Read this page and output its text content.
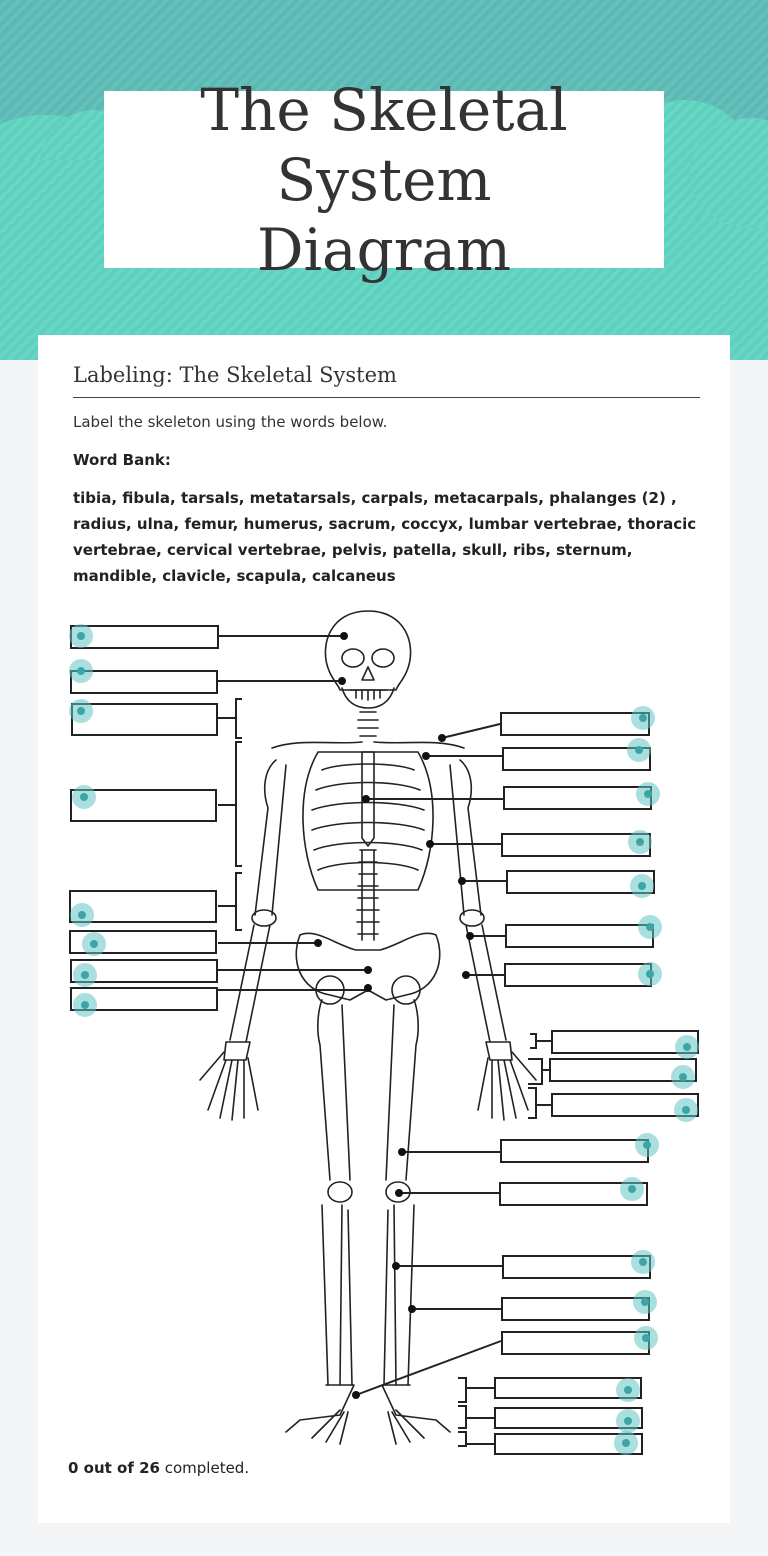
The Skeletal System Diagram
Labeling: The Skeletal System
Label the skeleton using the words below.
Word Bank:
tibia, fibula, tarsals, metatarsals, carpals, metacarpals, phalanges (2) , radius, ulna, femur, humerus, sacrum, coccyx, lumbar vertebrae, thoracic vertebrae, cervical vertebrae, pelvis, patella, skull, ribs, sternum, mandible, clavicle, scapula, calcaneus
0 out of 26 completed.
